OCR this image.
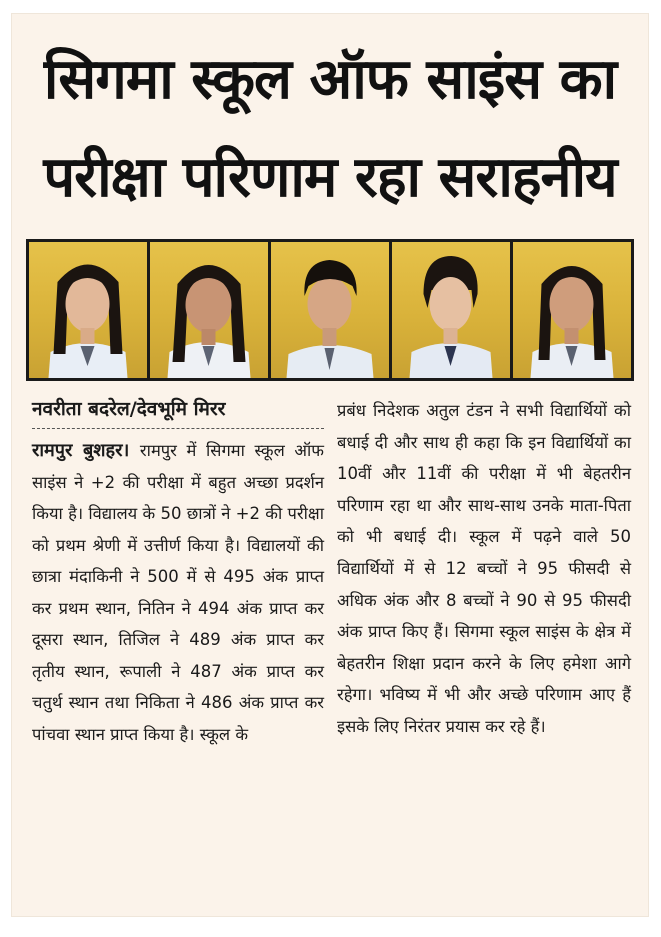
सिगमा स्कूल ऑफ साइंस का
परीक्षा परिणाम रहा सराहनीय
नवरीता बदरेल/देवभूमि मिरर
रामपुर बुशहर। रामपुर में सिगमा स्कूल ऑफ साइंस ने +2 की परीक्षा में बहुत अच्छा प्रदर्शन किया है। विद्यालय के 50 छात्रों ने +2 की परीक्षा को प्रथम श्रेणी में उत्तीर्ण किया है। विद्यालयों की छात्रा मंदाकिनी ने 500 में से 495 अंक प्राप्त कर प्रथम स्थान, नितिन ने 494 अंक प्राप्त कर दूसरा स्थान, तिजिल ने 489 अंक प्राप्त कर तृतीय स्थान, रूपाली ने 487 अंक प्राप्त कर चतुर्थ स्थान तथा निकिता ने 486 अंक प्राप्त कर पांचवा स्थान प्राप्त किया है। स्कूल के
प्रबंध निदेशक अतुल टंडन ने सभी विद्यार्थियों को बधाई दी और साथ ही कहा कि इन विद्यार्थियों का 10वीं और 11वीं की परीक्षा में भी बेहतरीन परिणाम रहा था और साथ-साथ उनके माता-पिता को भी बधाई दी। स्कूल में पढ़ने वाले 50 विद्यार्थियों में से 12 बच्चों ने 95 फीसदी से अधिक अंक और 8 बच्चों ने 90 से 95 फीसदी अंक प्राप्त किए हैं। सिगमा स्कूल साइंस के क्षेत्र में बेहतरीन शिक्षा प्रदान करने के लिए हमेशा आगे रहेगा। भविष्य में भी और अच्छे परिणाम आए हैं इसके लिए निरंतर प्रयास कर रहे हैं।
